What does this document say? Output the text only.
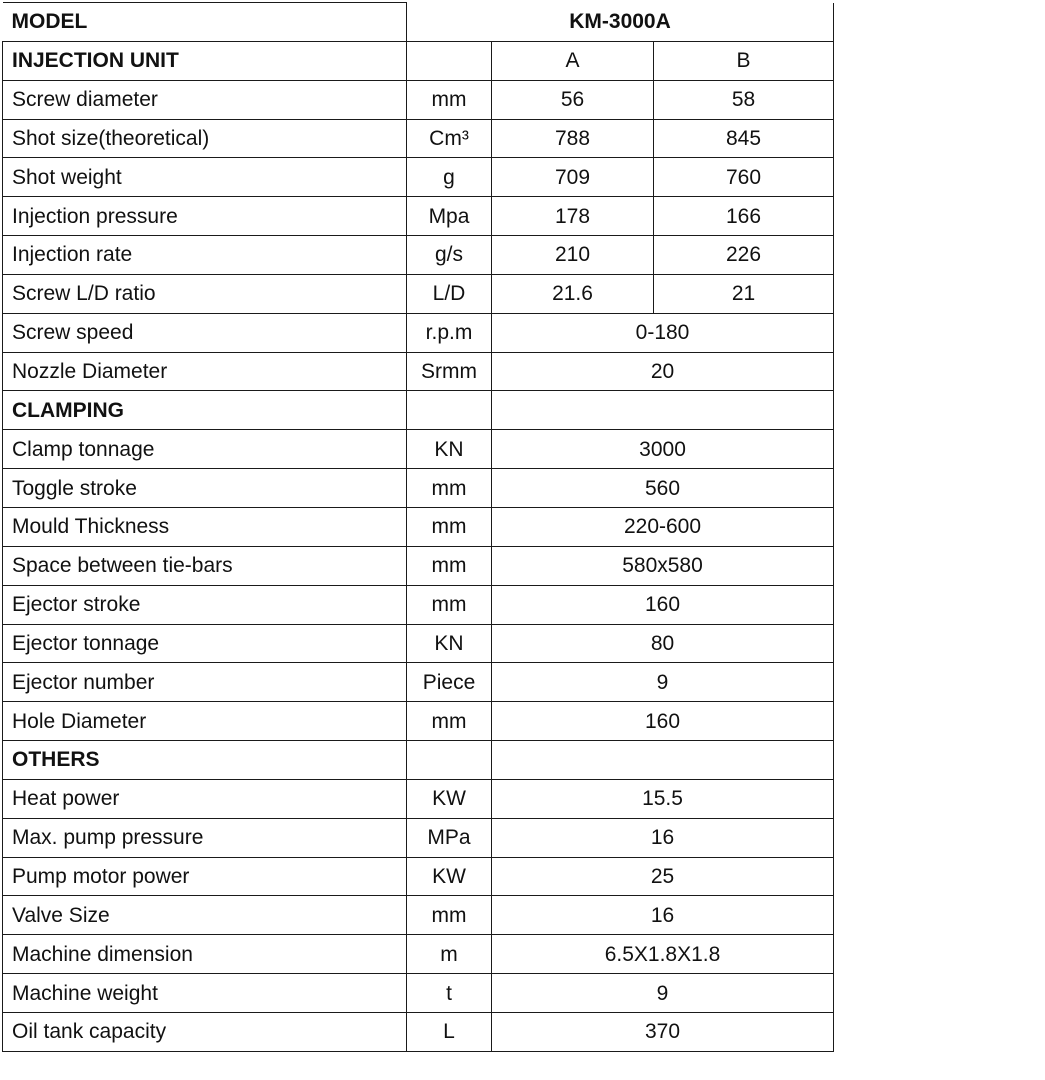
MODEL	KM-3000A		
INJECTION UNIT		A	B
Screw diameter	mm	56	58
Shot size(theoretical)	Cm³	788	845
Shot weight	g	709	760
Injection pressure	Mpa	178	166
Injection rate	g/s	210	226
Screw L/D ratio	L/D	21.6	21
Screw speed	r.p.m	0-180	
Nozzle Diameter	Srmm	20	
CLAMPING			
Clamp tonnage	KN	3000	
Toggle stroke	mm	560	
Mould Thickness	mm	220-600	
Space between tie-bars	mm	580x580	
Ejector stroke	mm	160	
Ejector tonnage	KN	80	
Ejector number	Piece	9	
Hole Diameter	mm	160	
OTHERS			
Heat power	KW	15.5	
Max. pump pressure	MPa	16	
Pump motor power	KW	25	
Valve Size	mm	16	
Machine dimension	m	6.5X1.8X1.8	
Machine weight	t	9	
Oil tank capacity	L	370	
